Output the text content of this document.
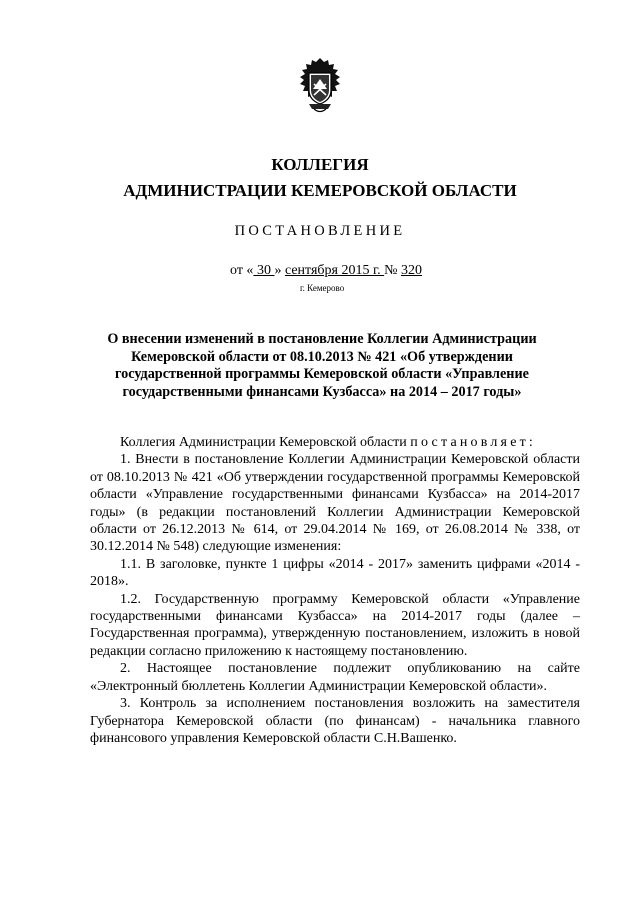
КОЛЛЕГИЯ
АДМИНИСТРАЦИИ КЕМЕРОВСКОЙ ОБЛАСТИ
ПОСТАНОВЛЕНИЕ
от « 30 » сентября 2015 г. № 320
г. Кемерово
О внесении изменений в постановление Коллегии Администрации Кемеровской области от 08.10.2013 № 421 «Об утверждении государственной программы Кемеровской области «Управление государственными финансами Кузбасса» на 2014 – 2017 годы»

Коллегия Администрации Кемеровской области постановляет:

1. Внести в постановление Коллегии Администрации Кемеровской области от 08.10.2013 № 421 «Об утверждении государственной программы Кемеровской области «Управление государственными финансами Кузбасса» на 2014-2017 годы» (в редакции постановлений Коллегии Администрации Кемеровской области от 26.12.2013 № 614, от 29.04.2014 № 169, от 26.08.2014 № 338, от 30.12.2014 № 548) следующие изменения:

1.1. В заголовке, пункте 1 цифры «2014 - 2017» заменить цифрами «2014 - 2018».

1.2. Государственную программу Кемеровской области «Управление государственными финансами Кузбасса» на 2014-2017 годы (далее – Государственная программа), утвержденную постановлением, изложить в новой редакции согласно приложению к настоящему постановлению.

2. Настоящее постановление подлежит опубликованию на сайте «Электронный бюллетень Коллегии Администрации Кемеровской области».

3. Контроль за исполнением постановления возложить на заместителя Губернатора Кемеровской области (по финансам) - начальника главного финансового управления Кемеровской области С.Н.Вашенко.
